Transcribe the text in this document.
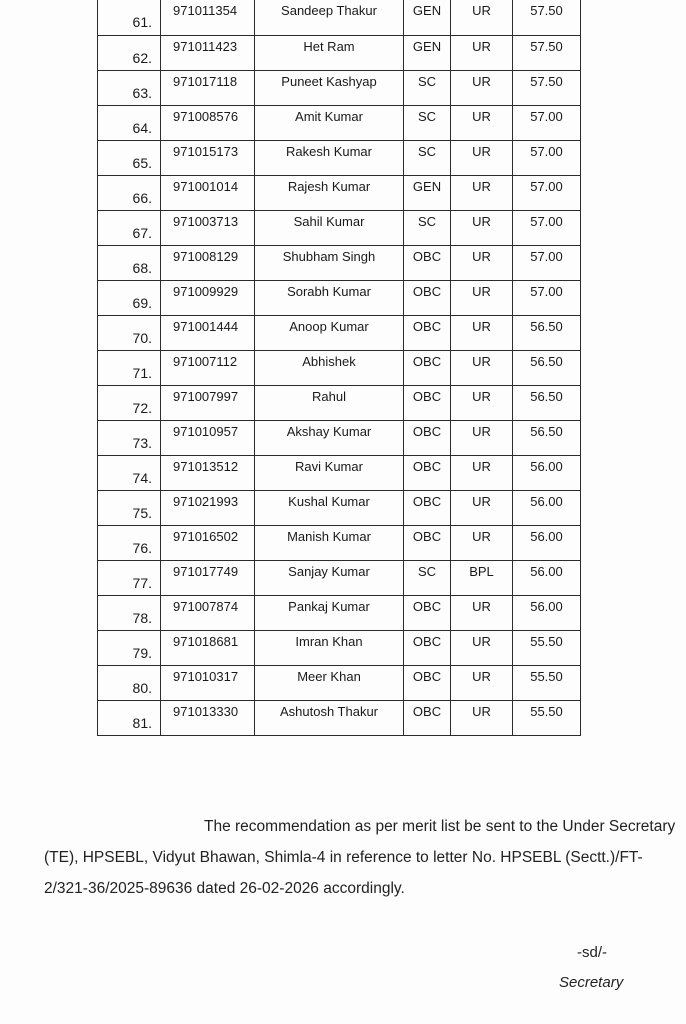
61.	971011354	Sandeep Thakur	GEN	UR	57.50

62.	971011423	Het Ram	GEN	UR	57.50

63.	971017118	Puneet Kashyap	SC	UR	57.50

64.	971008576	Amit Kumar	SC	UR	57.00

65.	971015173	Rakesh Kumar	SC	UR	57.00

66.	971001014	Rajesh Kumar	GEN	UR	57.00

67.	971003713	Sahil Kumar	SC	UR	57.00

68.	971008129	Shubham Singh	OBC	UR	57.00

69.	971009929	Sorabh Kumar	OBC	UR	57.00

70.	971001444	Anoop Kumar	OBC	UR	56.50

71.	971007112	Abhishek	OBC	UR	56.50

72.	971007997	Rahul	OBC	UR	56.50

73.	971010957	Akshay Kumar	OBC	UR	56.50

74.	971013512	Ravi Kumar	OBC	UR	56.00

75.	971021993	Kushal Kumar	OBC	UR	56.00

76.	971016502	Manish Kumar	OBC	UR	56.00

77.	971017749	Sanjay Kumar	SC	BPL	56.00

78.	971007874	Pankaj Kumar	OBC	UR	56.00

79.	971018681	Imran Khan	OBC	UR	55.50

80.	971010317	Meer Khan	OBC	UR	55.50

81.	971013330	Ashutosh Thakur	OBC	UR	55.50
The recommendation as per merit list be sent to the Under Secretary (TE), HPSEBL, Vidyut Bhawan, Shimla-4 in reference to letter No. HPSEBL (Sectt.)/FT-2/321-36/2025-89636 dated 26-02-2026 accordingly.
-sd/-
Secretary
